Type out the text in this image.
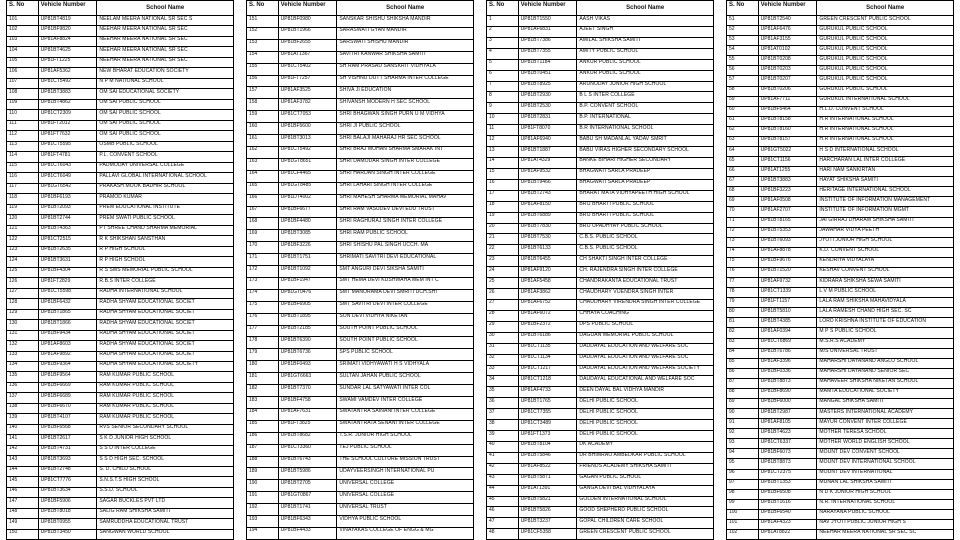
S. No	Vehicle Number	School Name
101	UP81BT4819	NEELAM MEERA NATIONAL SR SEC S
102	UP81BF9820	NEEHAR MEERA NATIONAL SR SEC
103	UP81AF8824	NEEHAR MEERA NATIONAL SR SEC
104	UP81BT4625	NEEHAR MEERA NATIONAL SR SEC
105	UP81FT1225	NEEHAR MEERA NATIONAL SR SEC
106	UP81AF5362	NEW BHARAT EDUCATION SOCIETY
107	UP81CT5492	N P M NATIONAL SCHOOL
108	UP81BT3883	OM SAI EDUCATIONAL SOCIETY
109	UP81BT4862	OM SAI PUBLIC SCHOOL
110	UP81CT2309	OM SAI PUBLIC SCHOOL
111	UP81FT2012	OM SAI PUBLIC SCHOOL
112	UP81FT7632	OM SAI PUBLIC SCHOOL
113	UP81CT5595	OSMB PUBLIC SCHOOL
114	UP81FT4781	P.L. CONVENT SCHOOL
115	UP81CT6043	PADMODAY UNIVERSAL COLLEGE
116	UP81CT6049	PALLAVI GLOBAL INTERNATIONAL SCHOOL
117	UP81GT6542	PRAKASH MOOK BADHIR SCHOOL
118	UP81BF6193	PRAMOD KUMAR
119	UP81BT2093	PREM EDUCATIONAL INSTITUTE
120	UP81BT2744	PREM SWATI PUBLIC SCHOOL
121	UP81BT4363	PT SHREE CHAND SHARMA MEMORIAL
122	UP81CT2515	R K SHIKSHAN SANSTHAN
123	UP81BT2635	R P HIGH SCHOOL
124	UP81BT3631	R P HIGH SCHOOL
125	UP81BF4304	R S SMS MEMORIAL PUBLIC SCHOOL
126	UP81FT2829	R.B.S INTER COLLEGE
127	UP81CT5598	RADHA INTERNATIONAL SCHOOL
128	UP81BF6432	RADHA SHYAM EDUCATIONAL SOCIET
129	UP81BT1865	RADHA SHYAM EDUCATIONAL SOCIET
130	UP81BT1866	RADHA SHYAM EDUCATIONAL SOCIET
131	UP81BF9434	RADHA SHYAM EDUCATIONAL SOCIET
132	UP81AF8603	RADHA SHYAM EDUCATIONAL SOCIET
133	UP81AF9892	RADHA SHYAM EDUCATIONAL SOCIET
134	UP81BF9364	RADHA SHYAM EDUCATIONAL SOCIETY
135	UP81BF9564	RAM KUMAR PUBLIC SCHOOL
136	UP81BF6669	RAM KUMAR PUBLIC SCHOOL
137	UP81BF6689	RAM KUMAR PUBLIC SCHOOL
138	UP81BF6670	RAM KUMAR PUBLIC SCHOOL
139	UP81BT4107	RAM KUMAR PUBLIC SCHOOL
140	UP81BF6568	RVS SENIOR SECONDARY SCHOOL
141	UP81BT2617	S K D JUNIOR HIGH SCHOOL
142	UP81BT4731	S S D INTER COLLEGE
143	UP81BT3693	S S D HIGH SEC. SCHOOL
144	UP81BT2748	S. D. CHILD SCHOOL
145	UP81CT7776	S.N.S.T.S HIGH SCHOOL
146	UP81BT3634	S.S.D. SCHOOL
147	UP81BF5906	SAGAR BUCKLES PVT LTD
148	UP81BT8018	SALIG RAM SHIKSHA SAMITI
149	UP81BT0955	SAMRUDDHA EDUCATIONAL TRUST
150	UP81BT3450	SANGWAN WORLD SCHOOL
S. No	Vehicle Number	School Name
151	UP81BF0980	SANSKAR SHISHU SHIKSHA MANDIR
152	UP81BT1966	SARASWATI GYAN MANDIR
153	UP81BF2655	SARSWATI SHISHU MANDIR
154	UP81AT1367	SAVITRI KANWAR SHIKSHA SAMITI
155	UP81CT5402	SH RAM PRASAD SANSKRIT VIDHYALA
156	UP81FT7257	SH VISHNU DUTT SHARMA INTER COLLEGE
157	UP81AF3525	SHIVA JI EDUCATION
158	UP81AF3782	SHIVANSH MODERN H SEC SCHOOL
159	UP81CT7053	SHRI BHAGWAN SINGH PURN U M VIDHYA
160	UP81BF5600	SHRI JI PUBLIC SCHOOL
161	UP81BT3013	SHRI BALAJI MAHARAJ HR SEC SCHOOL
162	UP81CT5492	SHRI BRAJ MOHAN SHARMA SMARAK INT
163	UP81GT8651	SHRI DAMODAR SINGH INTER COLLEGE
164	UP81CF4465	SHRI HARDAN SINGH INTER COLLEGE
165	UP81GT8485	SHRI LAHARI SINGH INTER COLLEGE
166	UP81DT4002	SHRI MAHESH SHARMA MEMORIAL MAHAV
167	UP81BF6677	SHRI RAM VASUDEV DEVI EDU TRUST
168	UP81BF4480	SHRI RAGHURAJ SINGH INTER COLLEGE
169	UP81BT3085	SHRI RAM PUBLIC SCHOOL
170	UP81BF3226	SHRI SHISHU PAL SINGH UCCH. MA
171	UP81BT1751	SHRIMATI SAVITRI DEVI EDUCATIONAL
172	UP81BT1092	SMT ANGURI DEVI SIKSHA SAMITI
173	UP81BF1947	SMT HEMA DEVI KUSHWAHA MEM INT C
174	UP81GT0476	SMT MANORAMA DEVI SMRITI UCH.SHI
175	UP81BF6905	SMT SAVITRI DEVI INTER COLLEGE
176	UP81BT1895	SON DEVI VIDHYA NIKETAN
177	UP81BT2185	SOUTH POINT PUBLIC SCHOOL
178	UP81BT6390	SOUTH POINT PUBLIC SCHOOL
179	UP81BT6736	SPS PUBLIC SCHOOL
180	UP81BF0493	SRIMATI VIDHYAWATI H S VIDHYALA
181	UP81GT6663	SULTAN JAHAN PUBLIC SCHOOL
182	UP81BT7370	SUNDAR LAL SATYAWATI INTER COL
183	UP81BF4758	SWAMI VAMDEV INTER COLLEGE
184	UP81AF7631	SWATANTRA SAINANI INTER COLLEGE
185	UP81FT3825	SWATANTRATA SENANI INTER COLLEGE
186	UP81BT8682	T.S.R. JUNIOR HIGH SCHOOL
187	UP81CT3360	TEJ PUBLIC SCHOOL
188	UP81BT6743	THE SCHOOL CULTURE MISSION TRUST
189	UP81BT5986	UDAYVEERSINGH INTERNATIONAL PU
190	UP81BT2705	UNIVERSAL COLLEGE
191	UP81GT0867	UNIVERSAL COLLEGE
192	UP81BT1741	UNIVERSAL TRUST
193	UP81BF6343	VIDHYA PUBLIC SCHOOL
194	UP81BF4433	VINAYAKAS COLLEGE OF ENGG & MG
S. No	Vehicle Number	School Name
1	UP81BT1550	AASH VIKAS
2	UP81AF6831	AJEET SINGH
3	UP81BT7386	AMILAL SHIKSHA SAMITI
4	UP81BT7355	AMITY PUBLIC SCHOOL
5	UP81BT1184	ANKUR PUBLIC SCHOOL
6	UP81BT0451	ANKUR PUBLIC SCHOOL
7	UP81BT8925	ARUNODAY JUNIOR HIGH SCHOOL
8	UP81BT2930	B L S INTER COLLEGE
9	UP81BT2530	B.P. CONVENT SCHOOL
10	UP81BT2831	B.P. INTERNATIONAL
11	UP81FT8070	B.R INTERNATIONAL SCHOOL
12	UP81AF6940	BABU SH MADANLAL YADAV SMRIT
13	UP81BT1887	BABU VIRAS HIGHER SECONDARY SCHOOL
14	UP81AT4329	BANKE BIHARI HIGHER SECONDARY
15	UP81AF9532	BHAGWATI SARLA PRADEEP
16	UP81BT9466	BHAGWATI SARLA PRADEEP
17	UP81BT2743	BHARAT MATA VIDHYAPEETH HIGH SCHOOL
18	UP81AF8150	BRIJ BHARTI PUBLIC SCHOOL
19	UP81BT6889	BRIJ BHARTI PUBLIC SCHOOL
20	UP81BT7830	BRIJ UPADHYAY PUBLIC SCHOOL
21	UP81BT7530	C.B.S. PUBLIC SCHOOL
22	UP81BT6133	C.B.S. PUBLIC SCHOOL
23	UP81BT6455	CH SHAKTI SINGH INTER COLLEGE
24	UP81AF9120	CH. RAJENDRA SINGH INTER COLLEGE
25	UP81AF5458	CHANDRAKANTA EDUCATIONAL TRUST
26	UP81AF3862	CHAUDHARY VIJENDRA SINGH INTER
27	UP81AF6752	CHAUDHARY VIRENDRA SINGH INTER COLLEGE
28	UP81AF6072	CHHAYA COACHING
29	UP81BF2372	DPS PUBLIC SCHOOL
30	UP81BT6186	DAGUAN MEMORIAL PUBLIC SCHOOL
31	UP81CT1135	DAUDAYAL EDUCATION AND WELFARE SOC
32	UP81CT1134	DAUDAYAL EDUCATION AND WELFARE SOC
33	UP81CT1217	DAUDAYAL EDUCATION AND WELFARE SOCIETY
34	UP81CT1218	DAUDAYAL EDUCATIONAL AND WELFARE SOC
35	UP81AF4733	DEEN DAYAL BAL VIDHYA MANDIR
36	UP81BT1765	DELHI PUBLIC SCHOOL
37	UP81CT7355	DELHI PUBLIC SCHOOL
38	UP81CT3489	DELHI PUBLIC SCHOOL
39	UP81FT1373	DELHI PUBLIC SCHOOL
40	UP81BT8104	DK ACADEMY
41	UP81BT5846	DR BHIMRAO AMBEDKAR PUBLIC SCHOOL
42	UP81AF8522	FRIENDS ACADEMY SHIKSHA SAMITI
43	UP81BT5871	GAGAN PUBLIC SCHOOL
44	UP81AT1391	GANGA DEVI BAL VIDHYALAYA
45	UP81BT5821	GOLDEN INTERNATIONAL SCHOOL
46	UP81BT5826	GOOD SHEPHERD PUBLIC SCHOOL
47	UP81BT3237	GOPAL CHILDREN CARE SCHOOL
48	UP81CF5358	GREEN CRESCENT PUBLIC SCHOOL
S. No	Vehicle Number	School Name
51	UP81BT2540	GREEN CRESCENT PUBLIC SCHOOL
52	UP81AF6476	GURUKUL PUBLIC SCHOOL
53	UP81AF3155	GURUKUL PUBLIC SCHOOL
54	UP81AT0102	GURUKUL PUBLIC SCHOOL
55	UP81BT0208	GURUKUL PUBLIC SCHOOL
56	UP81BT0203	GURUKUL PUBLIC SCHOOL
57	UP81BT0207	GURUKUL PUBLIC SCHOOL
58	UP81BT0206	GURUKUL PUBLIC SCHOOL
59	UP81AF7711	GURUKUL INTERNATIONAL SCHOOL
60	UP81BF5464	H.L.D. CONVENT SCHOOL
61	UP81BT8158	H.R INTERNATIONAL SCHOOL
62	UP81BT8160	H.R INTERNATIONAL SCHOOL
63	UP81BT8157	H.R INTERNATIONAL SCHOOL
64	UP81GT5022	H S D INTERNATIONAL SCHOOL
65	UP81CT1156	HARCHARAN LAL INTER COLLEGE
66	UP81AT1255	HARI NAM SANKIRTAN
67	UP81BT3883	HAYAT SHIKSHA SAMITI
68	UP81BF3223	HERITAGE INTERNATIONAL SCHOOL
69	UP81AF0508	INSTITUTE OF INFORMATION MANAGEMENT
70	UP81AF2707	INSTITUTE OF INFORMATION MGMT
71	UP81BT8165	JAI GIRRAJ DHARAM SHIKSHA SAMITI
72	UP81BT5353	JAWAHAR VIDYA PEETH
73	UP81BT6093	JYOTI JUNIOR HIGH SCHOOL
74	UP81AF8878	K.D. CONVENT SCHOOL
75	UP81BF9676	KENDRIYA VIDYALAYA
76	UP81BT1520	KESHAV CONVENT SCHOOL
77	UP81AF9732	KIDRARA SHIKSHA SEWA SAMITI
78	UP81CT1339	L V M PUBLIC SCHOOL
79	UP81FT1157	LALA RAM SHIKSHA MAHAVIDYALA
80	UP81BT5810	LALA RAMESH CHAND HIGH SEC. SC
81	UP81BT4385	LORD KRISHNA INSTITUTE OF EDUCATION
82	UP81AF0394	M P S PUBLIC SCHOOL
83	UP81CT6869	M.S.R.S ACADEMY
84	UP81BT6786	M/S UNIVERSAL TRUST
85	UP81AF3396	MAHARSHI DAYANAND ANGLO SCHOOL
86	UP81BF0336	MAHARSHI DAYANAND SENIOR SEC
87	UP81BT8873	MAHAVEER SHIKSHA NIKETAN SCHOOL
88	UP81BF8690	MAMTA EDUCATIONAL SOCIETY
89	UP81BF6000	MANGAL SHIKSHA SAMITI
90	UP81BT2987	MASTERS INTERNATIONAL ACADEMY
91	UP81AF8105	MAYUR CONVENT INTER COLLEGE
92	UP81BT4623	MOTHER TERESA SCHOOL
93	UP81CT6337	MOTHER WORLD ENGLISH SCHOOL
94	UP81BF6073	MOUNT DEV CONVENT SCHOOL
95	UP81BT8873	MOUNT DEV INTERNATIONAL SCHOOL
96	UP81CT2375	MOUNT DEV INTERNATIONAL
97	UP81BT1353	MUNAN LAL SHIKSHA SAMITI
98	UP81BF6508	N D K JUNIOR HIGH SCHOOL
99	UP81BT1616	N.R. INTERNATIONAL SCHOOL
100	UP81BF6540	NARAYANA PUBLIC SCHOOL
101	UP81AF4323	NAV JYOTI PUBLIC JUNIOR HIGH S
102	UP81AT8822	NEEHAR MEERA NATIONAL SR SEC SC
